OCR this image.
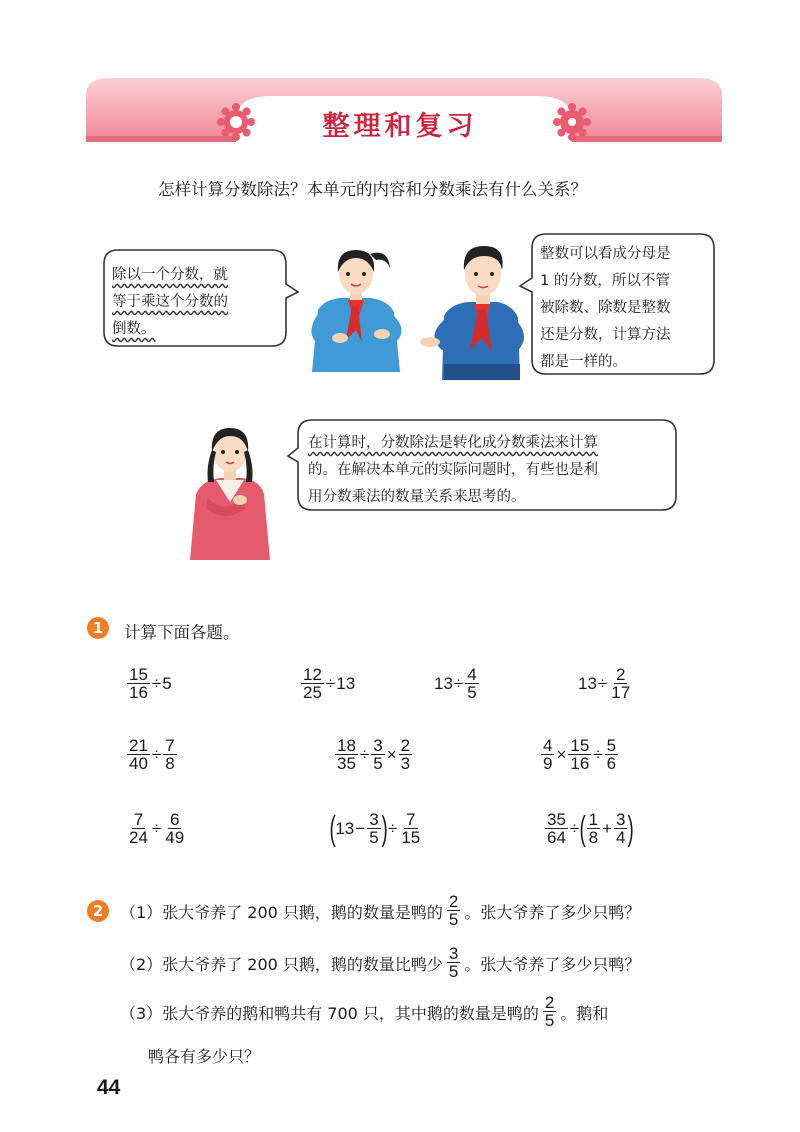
整理和复习
怎样计算分数除法？本单元的内容和分数乘法有什么关系？
除以一个分数，就
等于乘这个分数的
倒数。
整数可以看成分母是
1 的分数，所以不管
被除数、除数是整数
还是分数，计算方法
都是一样的。
在计算时，分数除法是转化成分数乘法来计算
的。在解决本单元的实际问题时，有些也是利
用分数乘法的数量关系来思考的。
1	计算下面各题。
$\frac{15}{16} \div 5$	$\frac{12}{25} \div 13$	$13 \div \frac{4}{5}$	$13 \div \frac{2}{17}$
$\frac{21}{40} \div \frac{7}{8}$	$\frac{18}{35} \div \frac{3}{5} \times \frac{2}{3}$	$\frac{4}{9} \times \frac{15}{16} \div \frac{5}{6}$
$\frac{7}{24} \div \frac{6}{49}$	( $13 - \frac{3}{5}$ ) ÷ $\frac{7}{15}$	$\frac{35}{64}$ ÷ ( $\frac{1}{8} + \frac{3}{4}$ )
2	（1） 张大爷养了 200 只鹅，鹅的数量是鸭的 $\frac{2}{5}$ 。张大爷养了多少只鸭？
（2） 张大爷养了 200 只鹅，鹅的数量比鸭少 $\frac{3}{5}$ 。张大爷养了多少只鸭？
（3） 张大爷养的鹅和鸭共有 700 只，其中鹅的数量是鸭的 $\frac{2}{5}$ 。鹅和
鸭各有多少只？
44
